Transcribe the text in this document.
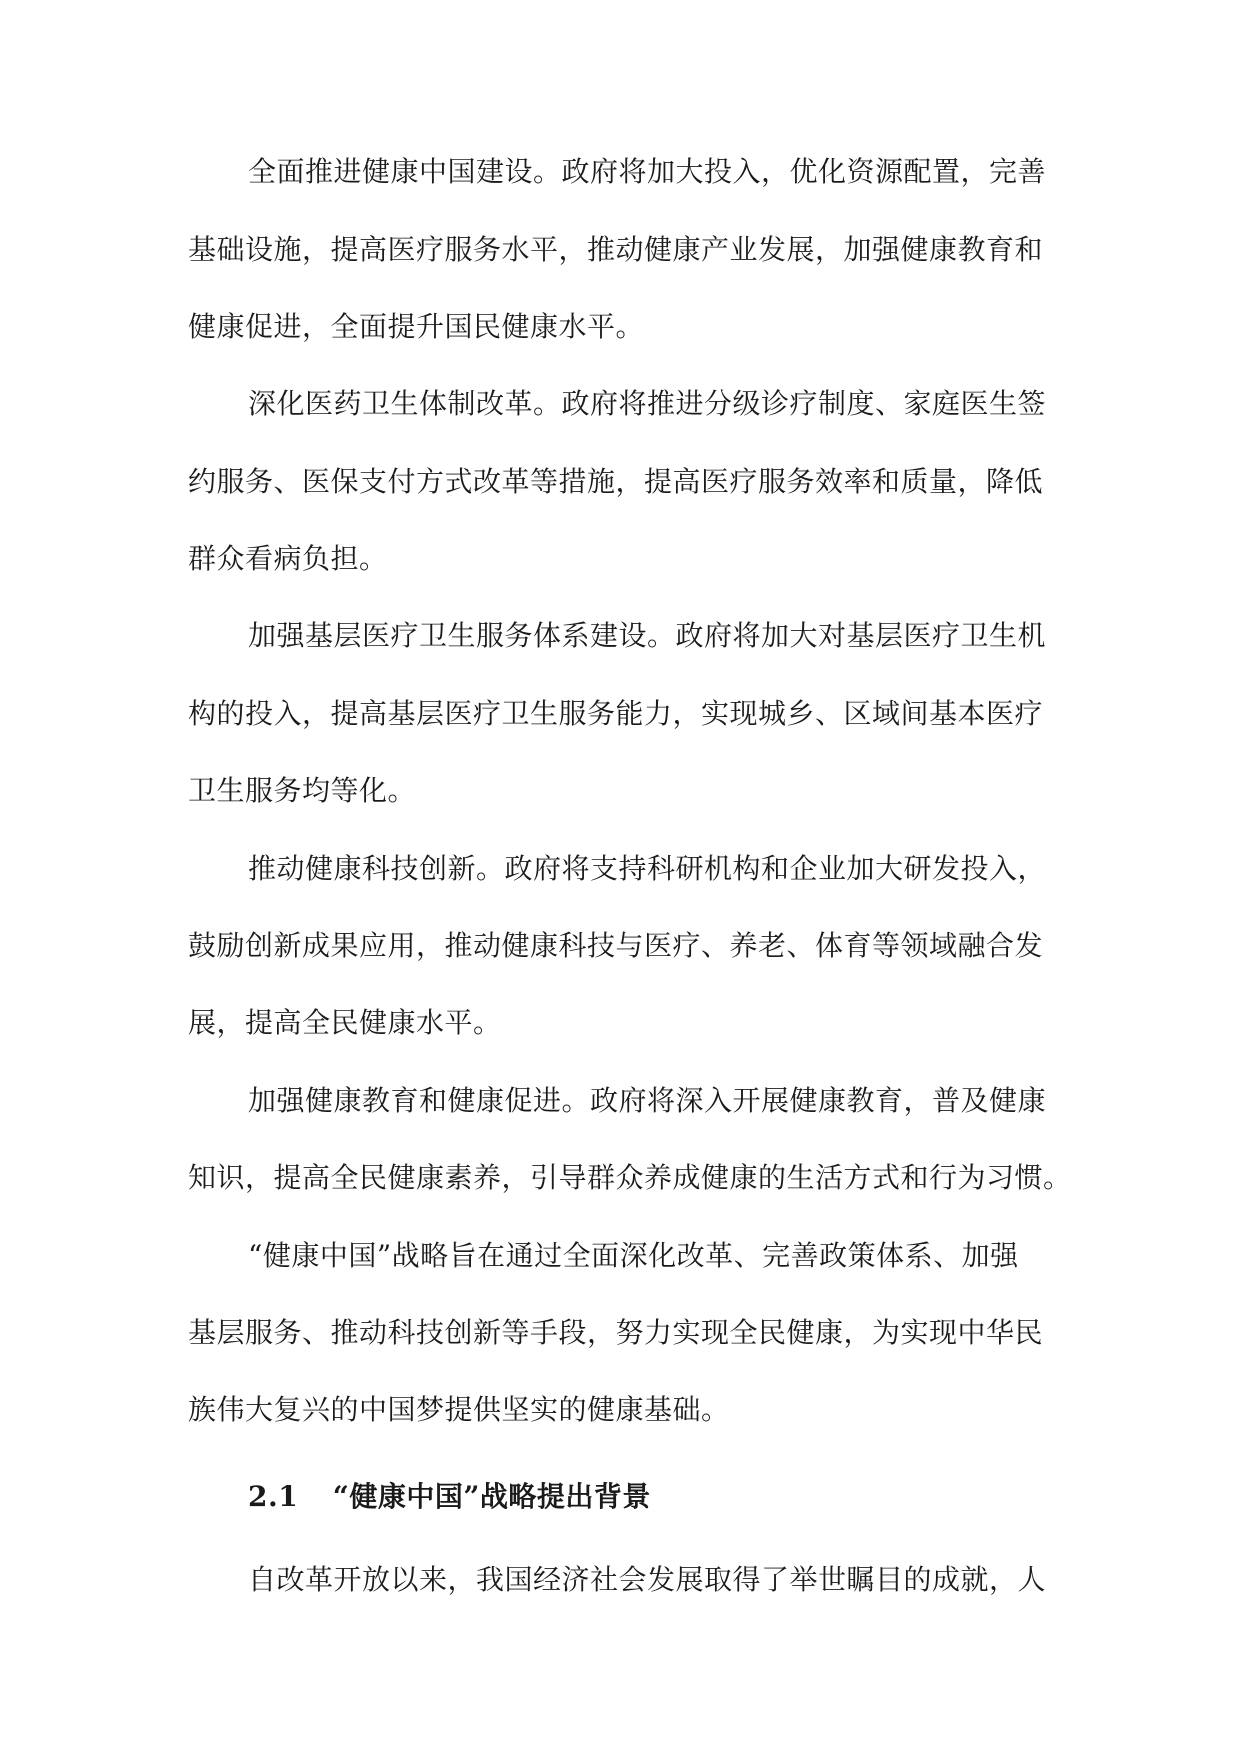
全面推进健康中国建设。政府将加大投入，优化资源配置，完善
基础设施，提高医疗服务水平，推动健康产业发展，加强健康教育和
健康促进，全面提升国民健康水平。
深化医药卫生体制改革。政府将推进分级诊疗制度、家庭医生签
约服务、医保支付方式改革等措施，提高医疗服务效率和质量，降低
群众看病负担。
加强基层医疗卫生服务体系建设。政府将加大对基层医疗卫生机
构的投入，提高基层医疗卫生服务能力，实现城乡、区域间基本医疗
卫生服务均等化。
推动健康科技创新。政府将支持科研机构和企业加大研发投入，
鼓励创新成果应用，推动健康科技与医疗、养老、体育等领域融合发
展，提高全民健康水平。
加强健康教育和健康促进。政府将深入开展健康教育，普及健康
知识，提高全民健康素养，引导群众养成健康的生活方式和行为习惯。
“健康中国”战略旨在通过全面深化改革、完善政策体系、加强
基层服务、推动科技创新等手段，努力实现全民健康，为实现中华民
族伟大复兴的中国梦提供坚实的健康基础。
2.1 “健康中国”战略提出背景
自改革开放以来，我国经济社会发展取得了举世瞩目的成就，人
